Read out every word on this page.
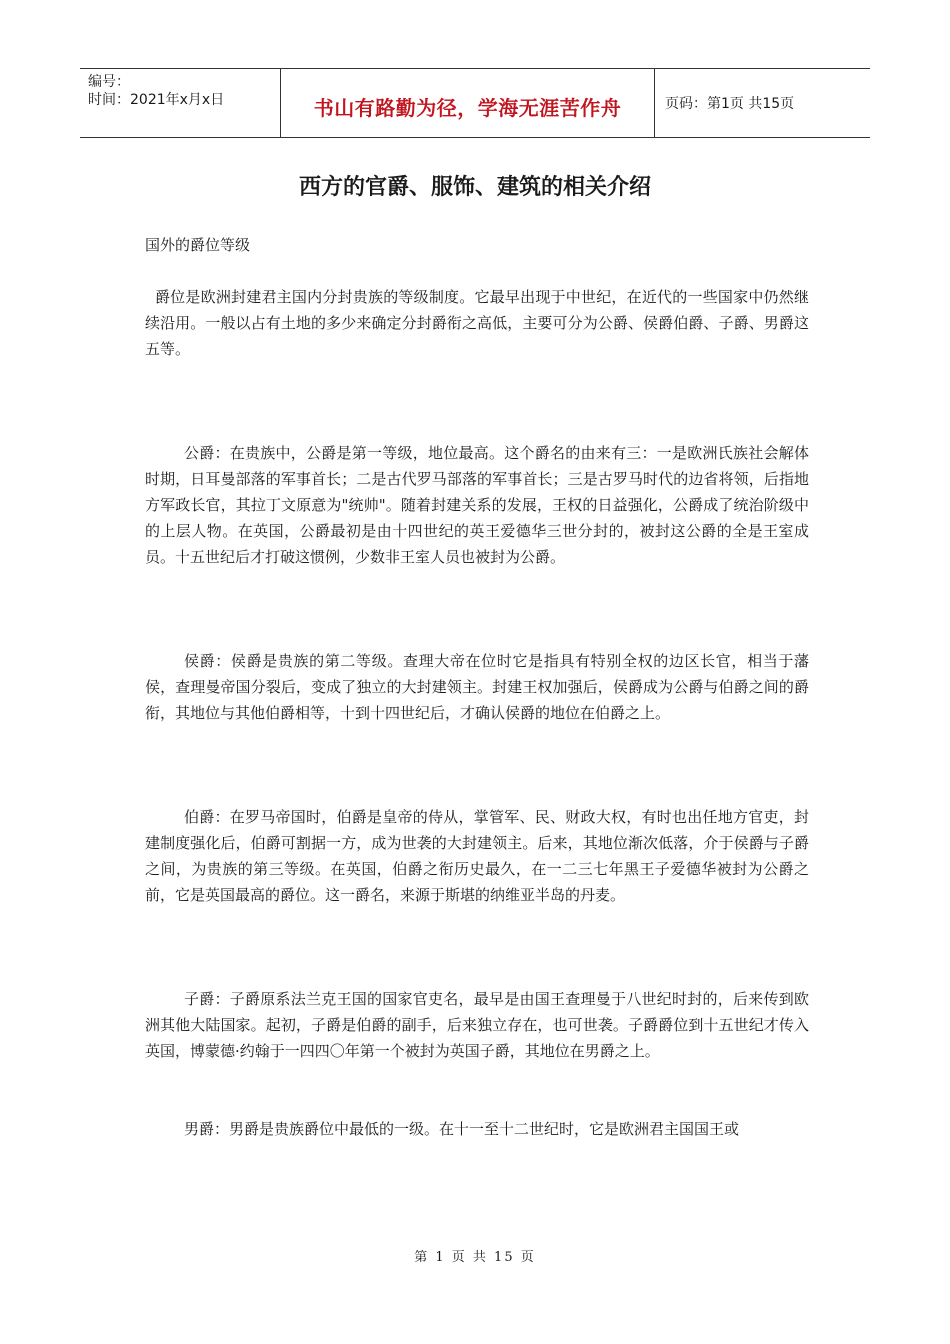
编号：
时间：2021年x月x日	书山有路勤为径，学海无涯苦作舟	页码：第1页 共15页
西方的官爵、服饰、建筑的相关介绍

国外的爵位等级

爵位是欧洲封建君主国内分封贵族的等级制度。它最早出现于中世纪，在近代的一些国家中仍然继续沿用。一般以占有土地的多少来确定分封爵衔之高低，主要可分为公爵、侯爵伯爵、子爵、男爵这五等。

公爵：在贵族中，公爵是第一等级，地位最高。这个爵名的由来有三：一是欧洲氏族社会解体时期，日耳曼部落的军事首长；二是古代罗马部落的军事首长；三是古罗马时代的边省将领，后指地方军政长官，其拉丁文原意为"统帅"。随着封建关系的发展，王权的日益强化，公爵成了统治阶级中的上层人物。在英国，公爵最初是由十四世纪的英王爱德华三世分封的，被封这公爵的全是王室成员。十五世纪后才打破这惯例，少数非王室人员也被封为公爵。

侯爵：侯爵是贵族的第二等级。查理大帝在位时它是指具有特别全权的边区长官，相当于藩侯，查理曼帝国分裂后，变成了独立的大封建领主。封建王权加强后，侯爵成为公爵与伯爵之间的爵衔，其地位与其他伯爵相等，十到十四世纪后，才确认侯爵的地位在伯爵之上。

伯爵：在罗马帝国时，伯爵是皇帝的侍从，掌管军、民、财政大权，有时也出任地方官吏，封建制度强化后，伯爵可割据一方，成为世袭的大封建领主。后来，其地位渐次低落，介于侯爵与子爵之间，为贵族的第三等级。在英国，伯爵之衔历史最久，在一二三七年黑王子爱德华被封为公爵之前，它是英国最高的爵位。这一爵名，来源于斯堪的纳维亚半岛的丹麦。

子爵：子爵原系法兰克王国的国家官吏名，最早是由国王查理曼于八世纪时封的，后来传到欧洲其他大陆国家。起初，子爵是伯爵的副手，后来独立存在，也可世袭。子爵爵位到十五世纪才传入英国，博蒙德·约翰于一四四〇年第一个被封为英国子爵，其地位在男爵之上。

男爵：男爵是贵族爵位中最低的一级。在十一至十二世纪时，它是欧洲君主国国王或

第 1 页 共 15 页
